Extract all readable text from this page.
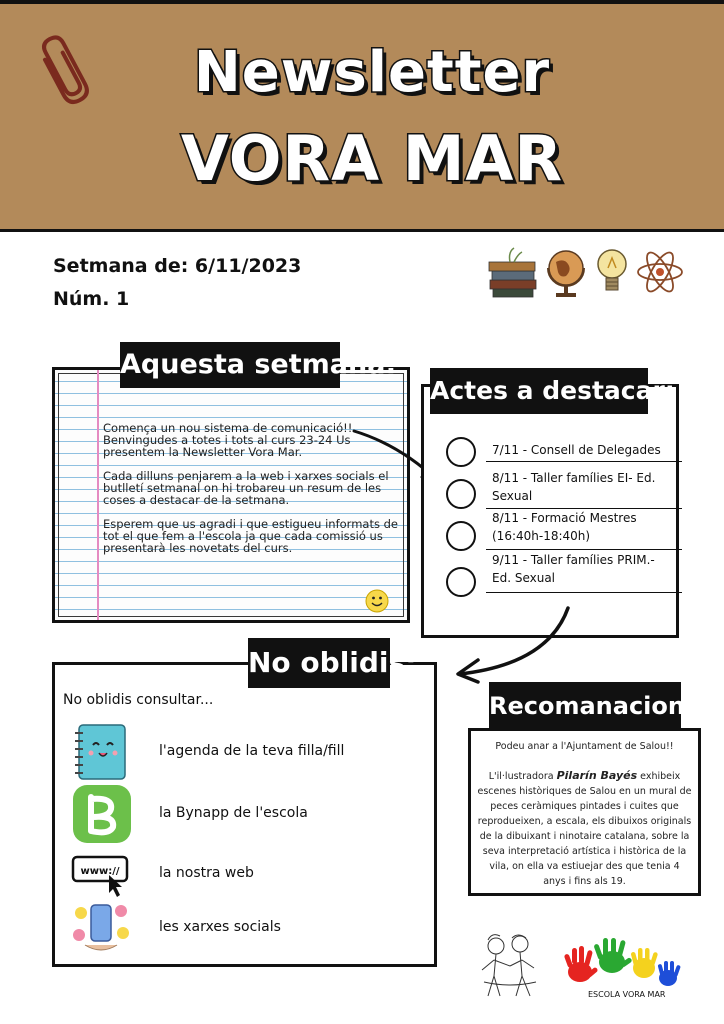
Newsletter
VORA MAR
Setmana de: 6/11/2023
Núm. 1

Comença un nou sistema de comunicació!! Benvingudes a totes i tots al curs 23-24 Us presentem la Newsletter Vora Mar.

Cada dilluns penjarem a la web i xarxes socials el butlletí setmanal on hi trobareu un resum de les coses a destacar de la setmana.

Esperem que us agradi i que estigueu informats de tot el que fem a l'escola ja que cada comissió us presentarà les novetats del curs.

Aquesta setmana:
7/11 - Consell de Delegades
8/11 - Taller famílies EI- Ed. Sexual
8/11 - Formació Mestres (16:40h-18:40h)
9/11 - Taller famílies PRIM.- Ed. Sexual
Actes a destacar:
No oblidis consultar...
l'agenda de la teva filla/fill
la Bynapp de l'escola
www://	la nostra web
les xarxes socials
No oblidis:
Podeu anar a l'Ajuntament de Salou!!
L'il·lustradora Pilarín Bayés exhibeix escenes històriques de Salou en un mural de peces ceràmiques pintades i cuites que reprodueixen, a escala, els dibuixos originals de la dibuixant i ninotaire catalana, sobre la seva interpretació artística i històrica de la vila, on ella va estiuejar des que tenia 4 anys i fins als 19.
Recomanacions:
ESCOLA VORA MAR
